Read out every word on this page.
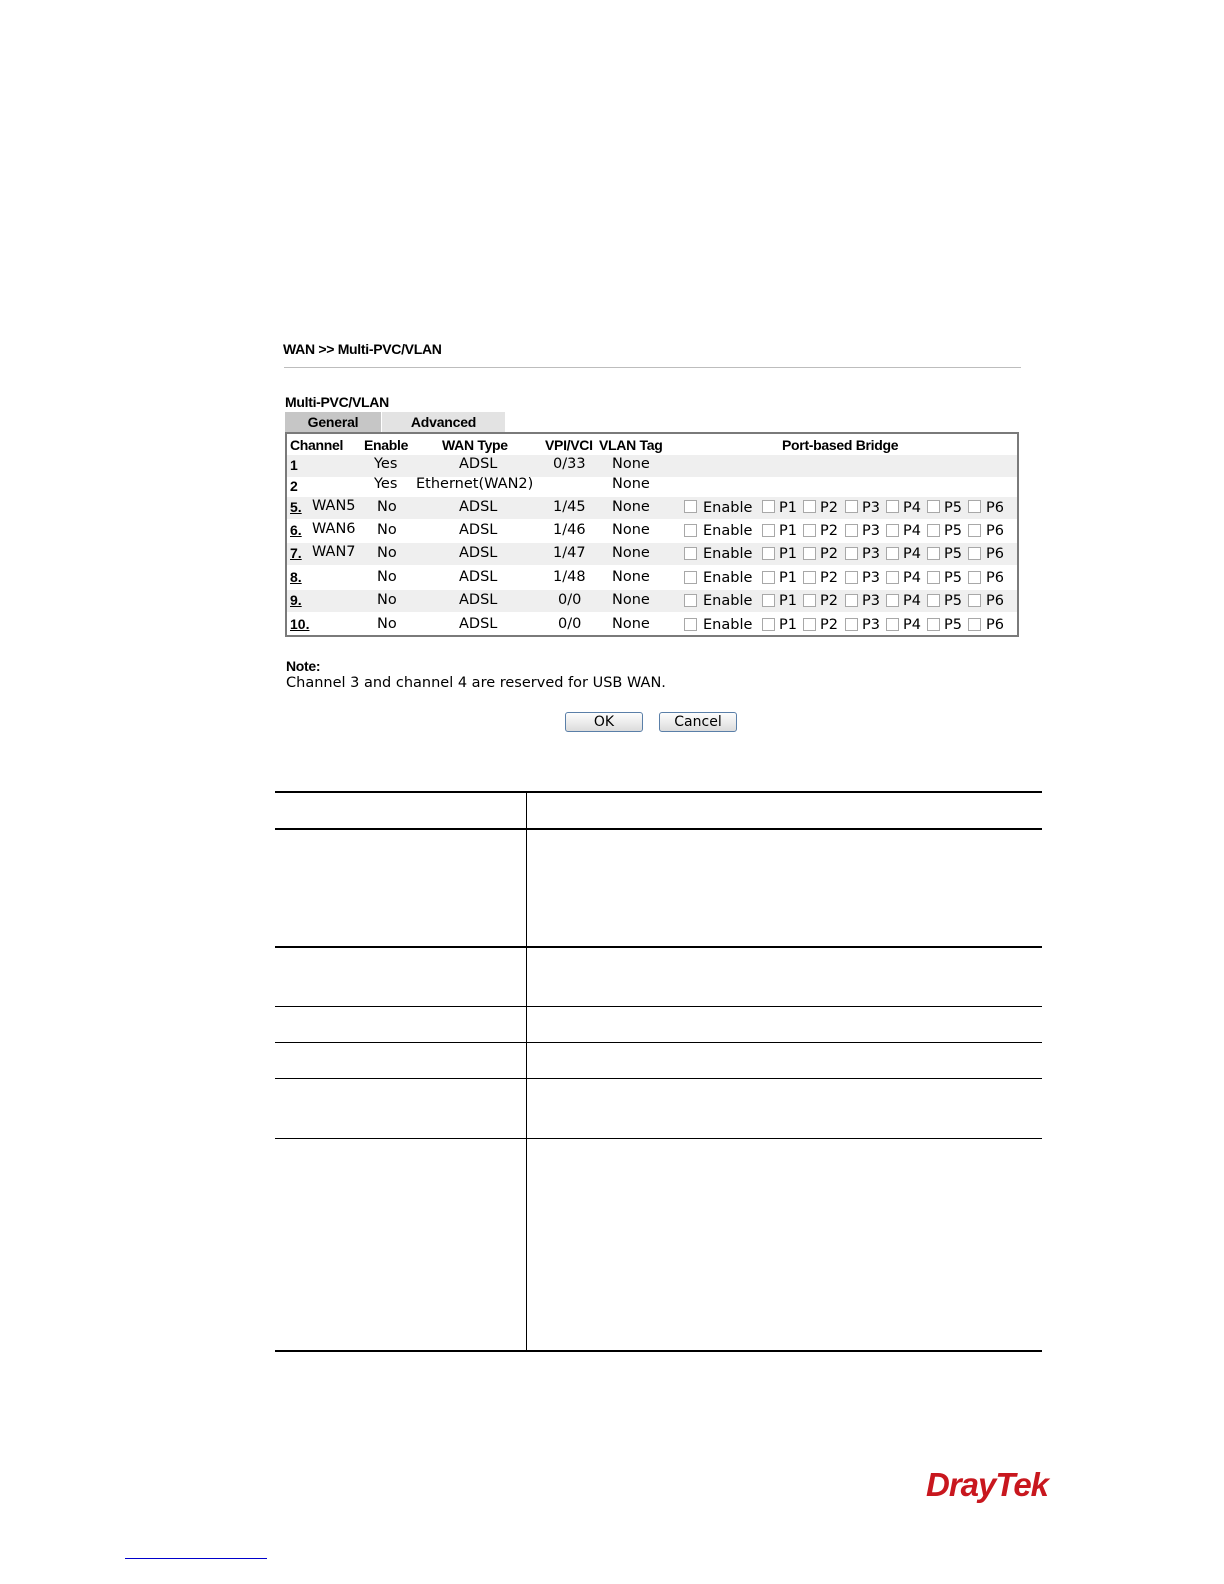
WAN >> Multi-PVC/VLAN
Multi-PVC/VLAN
General	Advanced
Channel Enable WAN Type	VPI/VCI VLAN Tag	Port-based Bridge
1	Yes	ADSL	0/33 None
2	Yes Ethernet(WAN2)	None
5. WAN5 No	ADSL	1/45 None	Enable P1 P2 P3 P4 P5 P6
6. WAN6 No	ADSL	1/46 None	Enable P1 P2 P3 P4 P5 P6
7. WAN7 No	ADSL	1/47 None	Enable P1 P2 P3 P4 P5 P6
8.	No	ADSL	1/48 None	Enable P1 P2 P3 P4 P5 P6
9.	No	ADSL	0/0 None	Enable P1 P2 P3 P4 P5 P6
10.	No	ADSL	0/0 None	Enable P1 P2 P3 P4 P5 P6
Note:
Channel 3 and channel 4 are reserved for USB WAN.
OK	Cancel
DrayTek
